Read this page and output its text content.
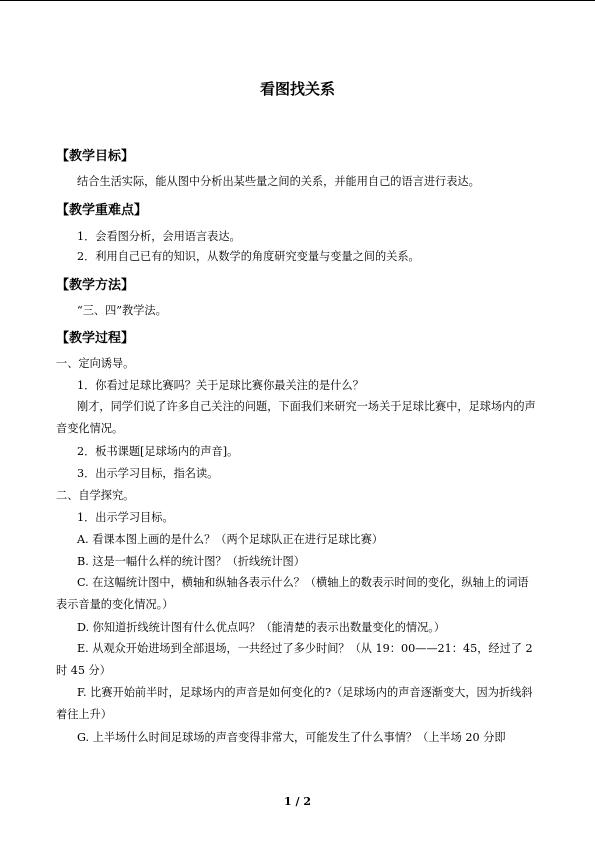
看图找关系
【教学目标】
结合生活实际，能从图中分析出某些量之间的关系，并能用自己的语言进行表达。
【教学重难点】
1．会看图分析，会用语言表达。
2．利用自己已有的知识，从数学的角度研究变量与变量之间的关系。
【教学方法】
“三、四”教学法。
【教学过程】
一、定向诱导。
1．你看过足球比赛吗？关于足球比赛你最关注的是什么？
刚才，同学们说了许多自己关注的问题，下面我们来研究一场关于足球比赛中，足球场内的声音变化情况。
2．板书课题[足球场内的声音]。
3．出示学习目标，指名读。
二、自学探究。
1．出示学习目标。
A. 看课本图上画的是什么？（两个足球队正在进行足球比赛）
B. 这是一幅什么样的统计图？（折线统计图）
C. 在这幅统计图中，横轴和纵轴各表示什么？（横轴上的数表示时间的变化，纵轴上的词语表示音量的变化情况。）
D. 你知道折线统计图有什么优点吗？（能清楚的表示出数量变化的情况。）
E. 从观众开始进场到全部退场，一共经过了多少时间？（从 19：00——21：45，经过了 2 时 45 分）
F. 比赛开始前半时，足球场内的声音是如何变化的?（足球场内的声音逐渐变大，因为折线斜着往上升）
G. 上半场什么时间足球场的声音变得非常大，可能发生了什么事情？（上半场 20 分即
1 / 2
